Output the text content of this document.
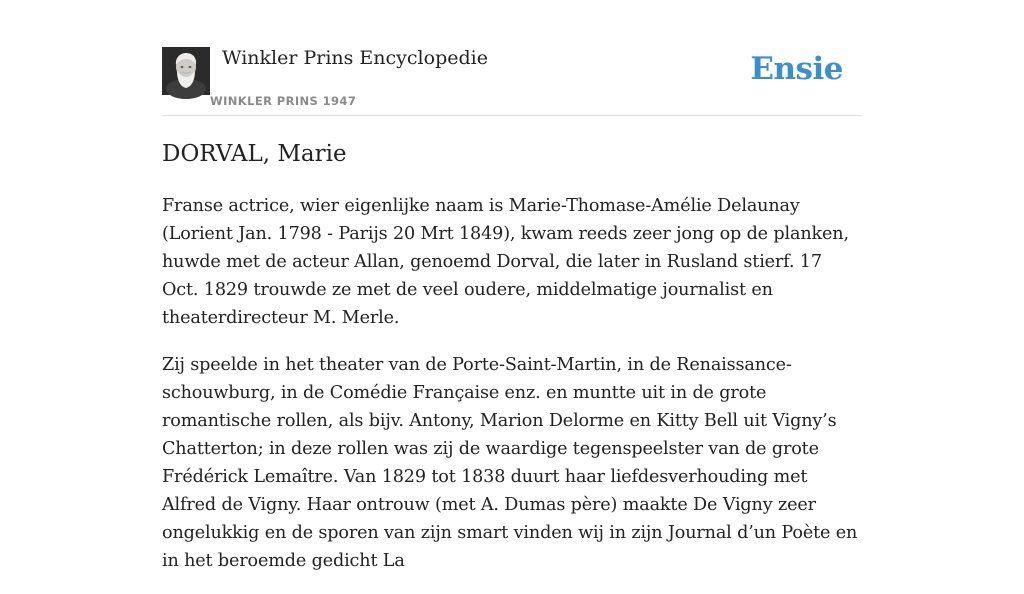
Winkler Prins Encyclopedie
WINKLER PRINS 1947
Ensie
DORVAL, Marie

Franse actrice, wier eigenlijke naam is Marie-Thomase-Amélie Delaunay (Lorient Jan. 1798 - Parijs 20 Mrt 1849), kwam reeds zeer jong op de planken, huwde met de acteur Allan, genoemd Dorval, die later in Rusland stierf. 17 Oct. 1829 trouwde ze met de veel oudere, middelmatige journalist en theaterdirecteur M. Merle.

Zij speelde in het theater van de Porte-Saint-Martin, in de Renaissance-schouwburg, in de Comédie Française enz. en muntte uit in de grote romantische rollen, als bijv. Antony, Marion Delorme en Kitty Bell uit Vigny’s Chatterton; in deze rollen was zij de waardige tegenspeelster van de grote Frédérick Lemaître. Van 1829 tot 1838 duurt haar liefdesverhouding met Alfred de Vigny. Haar ontrouw (met A. Dumas père) maakte De Vigny zeer ongelukkig en de sporen van zijn smart vinden wij in zijn Journal d’un Poète en in het beroemde gedicht La
